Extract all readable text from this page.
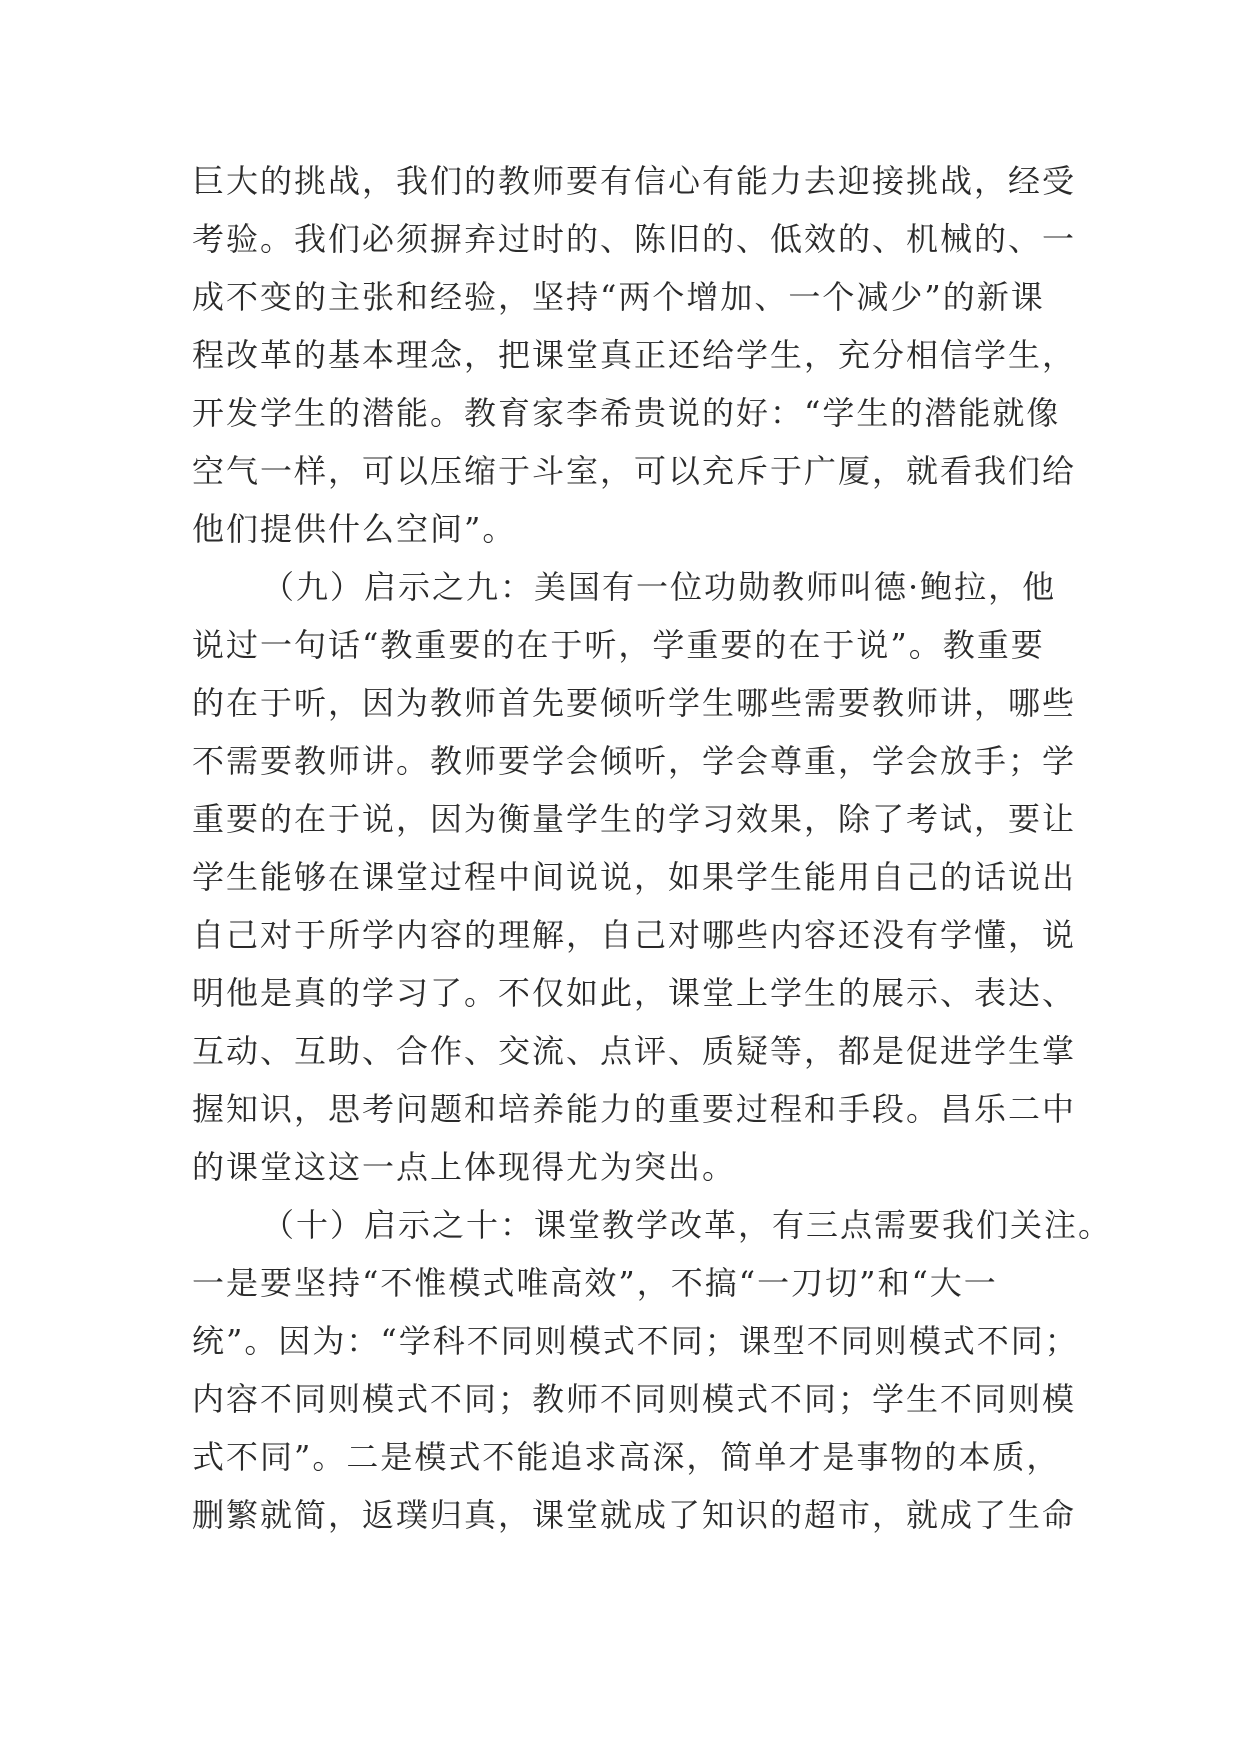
巨大的挑战，我们的教师要有信心有能力去迎接挑战，经受
考验。我们必须摒弃过时的、陈旧的、低效的、机械的、一
成不变的主张和经验，坚持“两个增加、一个减少”的新课
程改革的基本理念，把课堂真正还给学生，充分相信学生，
开发学生的潜能。教育家李希贵说的好：“学生的潜能就像
空气一样，可以压缩于斗室，可以充斥于广厦，就看我们给
他们提供什么空间”。
（九）启示之九：美国有一位功勋教师叫德·鲍拉，他
说过一句话“教重要的在于听，学重要的在于说”。教重要
的在于听，因为教师首先要倾听学生哪些需要教师讲，哪些
不需要教师讲。教师要学会倾听，学会尊重，学会放手；学
重要的在于说，因为衡量学生的学习效果，除了考试，要让
学生能够在课堂过程中间说说，如果学生能用自己的话说出
自己对于所学内容的理解，自己对哪些内容还没有学懂，说
明他是真的学习了。不仅如此，课堂上学生的展示、表达、
互动、互助、合作、交流、点评、质疑等，都是促进学生掌
握知识，思考问题和培养能力的重要过程和手段。昌乐二中
的课堂这这一点上体现得尤为突出。
（十）启示之十：课堂教学改革，有三点需要我们关注。
一是要坚持“不惟模式唯高效”，不搞“一刀切”和“大一
统”。因为：“学科不同则模式不同；课型不同则模式不同；
内容不同则模式不同；教师不同则模式不同；学生不同则模
式不同”。二是模式不能追求高深，简单才是事物的本质，
删繁就简，返璞归真，课堂就成了知识的超市，就成了生命
